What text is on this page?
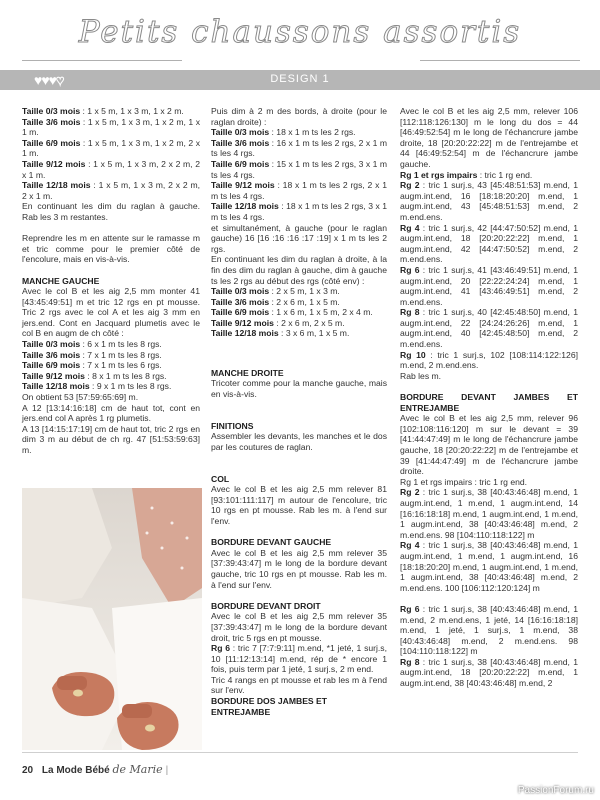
Petits chaussons assortis
♥♥♥♥	DESIGN 1

Taille 0/3 mois : 1 x 5 m, 1 x 3 m, 1 x 2 m.

Taille 3/6 mois : 1 x 5 m, 1 x 3 m, 1 x 2 m, 1 x 1 m.

Taille 6/9 mois : 1 x 5 m, 1 x 3 m, 1 x 2 m, 2 x 1 m.

Taille 9/12 mois : 1 x 5 m, 1 x 3 m, 2 x 2 m, 2 x 1 m.

Taille 12/18 mois : 1 x 5 m, 1 x 3 m, 2 x 2 m, 2 x 1 m.

En continuant les dim du raglan à gauche. Rab les 3 m restantes.

Reprendre les m en attente sur le ramasse m et tric comme pour le premier côté de l'encolure, mais en vis-à-vis.

MANCHE GAUCHE

Avec le col B et les aig 2,5 mm monter 41 [43:45:49:51] m et tric 12 rgs en pt mousse. Tric 2 rgs avec le col A et les aig 3 mm en jers.end. Cont en Jacquard plumetis avec le col B en augm de ch côté :

Taille 0/3 mois : 6 x 1 m ts les 8 rgs.

Taille 3/6 mois : 7 x 1 m ts les 8 rgs.

Taille 6/9 mois : 7 x 1 m ts les 6 rgs.

Taille 9/12 mois : 8 x 1 m ts les 8 rgs.

Taille 12/18 mois : 9 x 1 m ts les 8 rgs.

On obtient 53 [57:59:65:69] m.

A 12 [13:14:16:18] cm de haut tot, cont en jers.end col A après 1 rg plumetis.

A 13 [14:15:17:19] cm de haut tot, tric 2 rgs en dim 3 m au début de ch rg. 47 [51:53:59:63] m.

Puis dim à 2 m des bords, à droite (pour le raglan droite) :

Taille 0/3 mois : 18 x 1 m ts les 2 rgs.

Taille 3/6 mois : 16 x 1 m ts les 2 rgs, 2 x 1 m ts les 4 rgs.

Taille 6/9 mois : 15 x 1 m ts les 2 rgs, 3 x 1 m ts les 4 rgs.

Taille 9/12 mois : 18 x 1 m ts les 2 rgs, 2 x 1 m ts les 4 rgs.

Taille 12/18 mois : 18 x 1 m ts les 2 rgs, 3 x 1 m ts les 4 rgs.

et simultanément, à gauche (pour le raglan gauche) 16 [16 :16 :16 :17 :19] x 1 m ts les 2 rgs.

En continuant les dim du raglan à droite, à la fin des dim du raglan à gauche, dim à gauche ts les 2 rgs au début des rgs (côté env) :

Taille 0/3 mois : 2 x 5 m, 1 x 3 m.

Taille 3/6 mois : 2 x 6 m, 1 x 5 m.

Taille 6/9 mois : 1 x 6 m, 1 x 5 m, 2 x 4 m.

Taille 9/12 mois : 2 x 6 m, 2 x 5 m.

Taille 12/18 mois : 3 x 6 m, 1 x 5 m.

MANCHE DROITE

Tricoter comme pour la manche gauche, mais en vis-à-vis.

FINITIONS

Assembler les devants, les manches et le dos par les coutures de raglan.

COL

Avec le col B et les aig 2,5 mm relever 81 [93:101:111:117] m autour de l'encolure, tric 10 rgs en pt mousse. Rab les m. à l'end sur l'env.

BORDURE DEVANT GAUCHE

Avec le col B et les aig 2,5 mm relever 35 [37:39:43:47] m le long de la bordure devant gauche, tric 10 rgs en pt mousse. Rab les m. à l'end sur l'env.

BORDURE DEVANT DROIT

Avec le col B et les aig 2,5 mm relever 35 [37:39:43:47] m le long de la bordure devant droit, tric 5 rgs en pt mousse.

Rg 6 : tric 7 [7:7:9:11] m.end, *1 jeté, 1 surj.s, 10 [11:12:13:14] m.end, rép de * encore 1 fois, puis term par 1 jeté, 1 surj.s, 2 m end.

Tric 4 rangs en pt mousse et rab les m à l'end sur l'env.

BORDURE DOS JAMBES ET ENTREJAMBE

Avec le col B et les aig 2,5 mm, relever 106 [112:118:126:130] m le long du dos = 44 [46:49:52:54] m le long de l'échancrure jambe droite, 18 [20:20:22:22] m de l'entrejambe et 44 [46:49:52:54] m de l'échancrure jambe gauche.

Rg 1 et rgs impairs : tric 1 rg end.

Rg 2 : tric 1 surj.s, 43 [45:48:51:53] m.end, 1 augm.int.end, 16 [18:18:20:20] m.end, 1 augm.int.end, 43 [45:48:51:53] m.end, 2 m.end.ens.

Rg 4 : tric 1 surj.s, 42 [44:47:50:52] m.end, 1 augm.int.end, 18 [20:20:22:22] m.end, 1 augm.int.end, 42 [44:47:50:52] m.end, 2 m.end.ens.

Rg 6 : tric 1 surj.s, 41 [43:46:49:51] m.end, 1 augm.int.end, 20 [22:22:24:24] m.end, 1 augm.int.end, 41 [43:46:49:51] m.end, 2 m.end.ens.

Rg 8 : tric 1 surj.s, 40 [42:45:48:50] m.end, 1 augm.int.end, 22 [24:24:26:26] m.end, 1 augm.int.end, 40 [42:45:48:50] m.end, 2 m.end.ens.

Rg 10 : tric 1 surj.s, 102 [108:114:122:126] m.end, 2 m.end.ens.

Rab les m.

BORDURE DEVANT JAMBES ET ENTREJAMBE

Avec le col B et les aig 2,5 mm, relever 96 [102:108:116:120] m sur le devant = 39 [41:44:47:49] m le long de l'échancrure jambe gauche, 18 [20:20:22:22] m de l'entrejambe et 39 [41:44:47:49] m de l'échancrure jambe droite.

Rg 1 et rgs impairs : tric 1 rg end.

Rg 2 : tric 1 surj.s, 38 [40:43:46:48] m.end, 1 augm.int.end, 1 m.end, 1 augm.int.end, 14 [16:16:18:18] m.end, 1 augm.int.end, 1 m.end, 1 augm.int.end, 38 [40:43:46:48] m.end, 2 m.end.ens. 98 [104:110:118:122] m

Rg 4 : tric 1 surj.s, 38 [40:43:46:48] m.end, 1 augm.int.end, 1 m.end, 1 augm.int.end, 16 [18:18:20:20] m.end, 1 augm.int.end, 1 m.end, 1 augm.int.end, 38 [40:43:46:48] m.end, 2 m.end.ens. 100 [106:112:120:124] m

Rg 6 : tric 1 surj.s, 38 [40:43:46:48] m.end, 1 m.end, 2 m.end.ens, 1 jeté, 14 [16:16:18:18] m.end, 1 jeté, 1 surj.s, 1 m.end, 38 [40:43:46:48] m.end, 2 m.end.ens. 98 [104:110:118:122] m

Rg 8 : tric 1 surj.s, 38 [40:43:46:48] m.end, 1 augm.int.end, 18 [20:20:22:22] m.end, 1 augm.int.end, 38 [40:43:46:48] m.end, 2

20 La Mode Bébé de Marie |
PassionForum.ru
